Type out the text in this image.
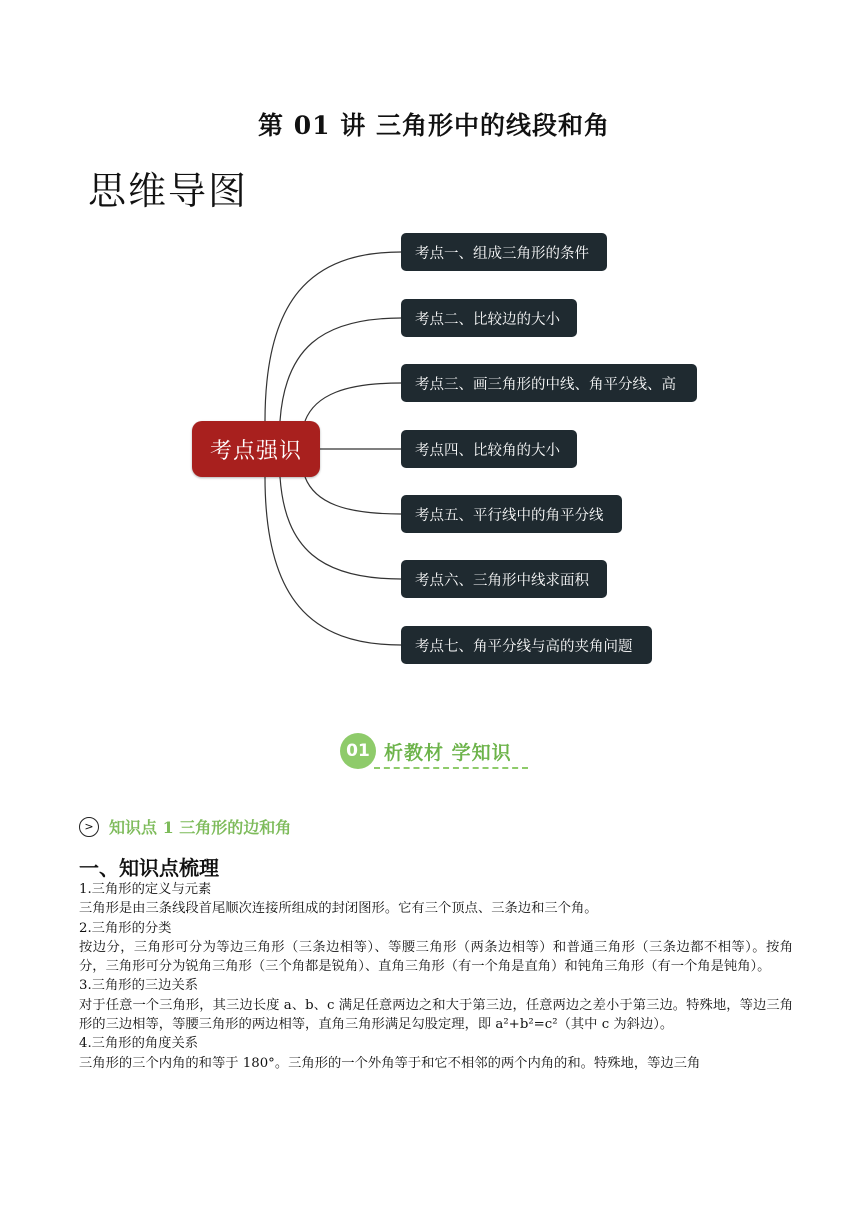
第 01 讲 三角形中的线段和角
思维导图
考点强识
考点一、组成三角形的条件
考点二、比较边的大小
考点三、画三角形的中线、角平分线、高
考点四、比较角的大小
考点五、平行线中的角平分线
考点六、三角形中线求面积
考点七、角平分线与高的夹角问题
01 析教材 学知识
> 知识点 1 三角形的边和角
一、知识点梳理

1.三角形的定义与元素

三角形是由三条线段首尾顺次连接所组成的封闭图形。它有三个顶点、三条边和三个角。

2.三角形的分类

按边分，三角形可分为等边三角形（三条边相等）、等腰三角形（两条边相等）和普通三角形（三条边都不相等）。按角分，三角形可分为锐角三角形（三个角都是锐角）、直角三角形（有一个角是直角）和钝角三角形（有一个角是钝角）。

3.三角形的三边关系

对于任意一个三角形，其三边长度 a、b、c 满足任意两边之和大于第三边，任意两边之差小于第三边。特殊地，等边三角形的三边相等，等腰三角形的两边相等，直角三角形满足勾股定理，即 a²+b²=c²（其中 c 为斜边）。

4.三角形的角度关系

三角形的三个内角的和等于 180°。三角形的一个外角等于和它不相邻的两个内角的和。特殊地，等边三角
